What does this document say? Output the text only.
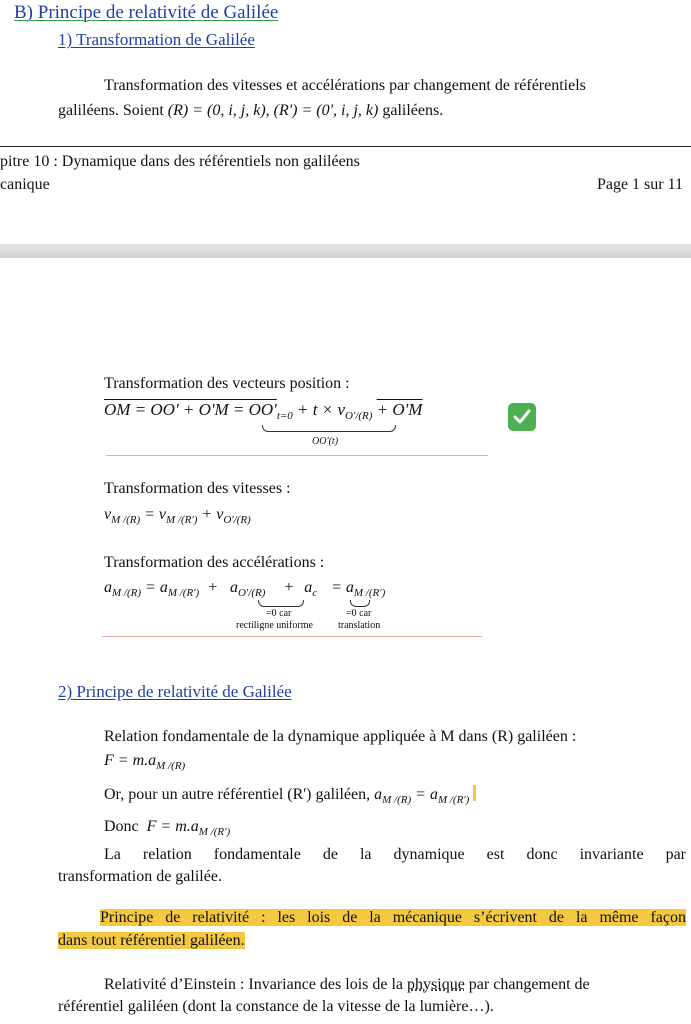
B) Principe de relativité de Galilée
1) Transformation de Galilée
Transformation des vitesses et accélérations par changement de référentiels
galiléens. Soient (R) = (0, i, j, k), (R') = (0', i, j, k) galiléens.
pitre 10 : Dynamique dans des référentiels non galiléens
canique	Page 1 sur 11
Transformation des vecteurs position :
OM = $OO' + O'M = OO'_{t=0} + t \times v_{O'/(R)} + O'M$
OO'(t)
Transformation des vitesses :
$v_{M /(R)} = v_{M /(R')} + v_{O'/(R)}$
Transformation des accélérations :
$a_{M /(R)} = a_{M /(R')} + a_{O'/(R)} + a_c = a_{M /(R')}$
=0 car
rectiligne uniforme
=0 car
translation
2) Principe de relativité de Galilée
Relation fondamentale de la dynamique appliquée à M dans (R) galiléen :
$F = m.a_{M /(R)}$
Or, pour un autre référentiel (R') galiléen, $a_{M /(R)} = a_{M /(R')}$
Donc $F = m.a_{M /(R')}$
La relation fondamentale de la dynamique est donc invariante par
transformation de galilée.
Principe de relativité : les lois de la mécanique s’écrivent de la même façon
dans tout référentiel galiléen.
Relativité d’Einstein : Invariance des lois de la physique par changement de
référentiel galiléen (dont la constance de la vitesse de la lumière…).
